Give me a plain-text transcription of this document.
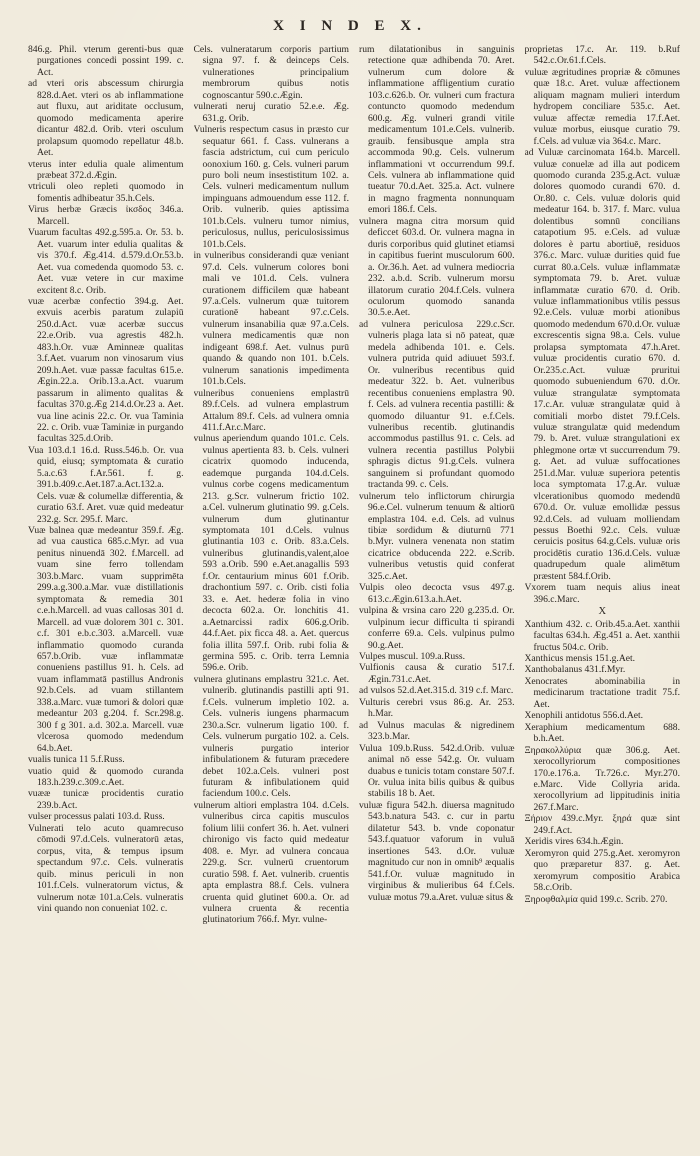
X I N D E X.
846.g. Phil. vterum gerenti-bus quæ purgationes concedi possint 199. c. Act.
ad vteri oris abscessum chirurgia 828.d.Aet. vteri os ab inflammatione aut fluxu, aut ariditate occlusum, quomodo medicamenta aperire dicantur 482.d. Orib. vteri osculum prolapsum quomodo repellatur 48.b. Aet.
vterus inter edulia quale alimentum præbeat 372.d.Ægin.
vtriculi oleo repleti quomodo in fomentis adhibeatur 35.h.Cels.
Virus herbæ Græcis ἰκσδος 346.a. Marcell.
Vuarum facultas 492.g.595.a. Or. 53. b. Aet. vuarum inter edulia qualitas & vis 370.f. Æg.414. d.579.d.Or.53.b. Aet. vua comedenda quomodo 53. c. Aet. vuæ vetere in cur maxime excitent 8.c. Orib.
vuæ acerbæ confectio 394.g. Aet. exvuis acerbis paratum zulapiū 250.d.Act. vuæ acerbæ succus 22.e.Orib. vua agrestis 482.h. 483.h.Or. vuæ Aminneæ qualitas 3.f.Aet. vuarum non vinosarum vius 209.h.Aet. vuæ passæ facultas 615.e. Ægin.22.a. Orib.13.a.Act. vuarum passarum in alimento qualitas & facultas 370.g.Æg 214.d.Or.23 a. Aet. vua line acinis 22.c. Or. vua Taminia 22. c. Orib. vuæ Taminiæ in purgando facultas 325.d.Orib.
Vua 103.d.1 16.d. Russ.546.b. Or. vua quid, eiusq; symptomata & curatio 5.a.c.63 f.Ar.561. f. g. 391.b.409.c.Aet.187.a.Act.132.a. Cels. vuæ & columellæ differentia, & curatio 63.f. Aret. vuæ quid medeatur 232.g. Scr. 295.f. Marc.
Vuæ balnea quæ medeantur 359.f. Æg. ad vua caustica 685.c.Myr. ad vua penitus ninuendā 302. f.Marcell. ad vuam sine ferro tollendam 303.b.Marc. vuam supprimēta 299.a.g.300.a.Mar. vuæ distillationis symptomata & remedia 301 c.e.h.Marcell. ad vuas callosas 301 d. Marcell. ad vuæ dolorem 301 c. 301. c.f. 301 e.b.c.303. a.Marcell. vuæ inflammatio quomodo curanda 657.b.Orib. vuæ inflammatæ conueniens pastillus 91. h. Cels. ad vuam inflammatā pastillus Andronis 92.b.Cels. ad vuam stillantem 338.a.Marc. vuæ tumori & dolori quæ medeantur 203 g.204. f. Scr.298.g. 300 f g 301. a.d. 302.a. Marcell. vuæ vlcerosa quomodo medendum 64.b.Aet.
vualis tunica 11 5.f.Russ.
vuatio quid & quomodo curanda 183.h.239.c.309.c.Aet.
vuææ tunicæ procidentis curatio 239.b.Act.
vulser processus palati 103.d. Russ.
Vulnerati telo acuto quamrecuso cōmodi 97.d.Cels. vulneratorū ætas, corpus, vita, & tempus ipsum spectandum 97.c. Cels. vulneratis quib. minus periculi in non 101.f.Cels. vulneratorum victus, & vulnerum notæ 101.a.Cels. vulneratis vini quando non conueniat 102. c.
Cels. vulneratarum corporis partium signa 97. f. & deinceps Cels. vulnerationes principalium membrorum quibus notis cognoscantur 590.c.Ægin.
vulnerati neruj curatio 52.e.e. Æg. 631.g. Orib.
Vulneris respectum casus in præsto cur sequatur 661. f. Cass. vulnerans a fascia adstrictum, cui cum periculo oonoxium 160. g. Cels. vulneri parum puro boli neum insestistitum 102. a. Cels. vulneri medicamentum nullum impinguans admouendum esse 112. f. Orib. vulnerib. quies aptissima 101.b.Cels. vulneru tumor nimius, periculosus, nullus, periculosissimus 101.b.Cels.
in vulneribus considerandi quæ veniant 97.d. Cels. vulnerum colores boni mali ve 101.d. Cels. vulnera curationem difficilem quæ habeant 97.a.Cels. vulnerum quæ tuitorem curationē habeant 97.c.Cels. vulnerum insanabilia quæ 97.a.Cels. vulnera medicamentis quæ non indigeant 698.f. Aet. vulnus purū quando & quando non 101. b.Cels. vulnerum sanationis impedimenta 101.b.Cels.
vulneribus conueniens emplastrū 89.f.Cels. ad vulnera emplastrum Attalum 89.f. Cels. ad vulnera omnia 411.f.Ar.c.Marc.
vulnus aperiendum quando 101.c. Cels. vulnus apertienta 83. b. Cels. vulneri cicatrix quomodo inducenda, eademque purganda 104.d.Cels. vulnus corbe cogens medicamentum 213. g.Scr. vulnerum frictio 102. a.Cel. vulnerum glutinatio 99. g.Cels. vulnerum dum glutinantur symptomata 101 d.Cels. vulnus glutinantia 103 c. Orib. 83.a.Cels. vulneribus glutinandis,valent,aloe 593 a.Orib. 590 e.Aet.anagallis 593 f.Or. centaurium minus 601 f.Orib. drachontium 597. c. Orib. cisti folia 33. e. Aet. hederæ folia in vino decocta 602.a. Or. lonchitis 41. a.Aetnarcissi radix 606.g.Orib. 44.f.Aet. pix ficca 48. a. Aet. quercus folia illita 597.f. Orib. rubi folia & germina 595. c. Orib. terra Lemnia 596.e. Orib.
vulnera glutinans emplastru 321.c. Aet. vulnerib. glutinandis pastilli apti 91. f.Cels. vulnerum impletio 102. a. Cels. vulneris iungens pharmacum 230.a.Scr. vulnerum ligatio 100. f. Cels. vulnerum purgatio 102. a. Cels. vulneris purgatio interior infibulationem & futuram præcedere debet 102.a.Cels. vulneri post futuram & infibulationem quid faciendum 100.c. Cels.
vulnerum altiori emplastra 104. d.Cels. vulneribus circa capitis musculos folium lilii confert 36. h. Aet. vulneri chironigo vis facto quid medeatur 408. e. Myr. ad vulnera concaua 229.g. Scr. vulnerū cruentorum curatio 598. f. Aet. vulnerib. cruentis apta emplastra 88.f. Cels. vulnera cruenta quid glutinet 600.a. Or. ad vulnera cruenta & recentia glutinatorium 766.f. Myr. vulne-
rum dilatationibus in sanguinis retectione quæ adhibenda 70. Aret. vulnerum cum dolore & inflammatione affligentium curatio 103.c.626.b. Or. vulneri cum fractura contuncto quomodo medendum 600.g. Æg. vulneri grandi vitile medicamentum 101.e.Cels. vulnerib. grauib. fensibusque ampla stra accommoda 90.g. Cels. vulnerum inflammationi vt occurrendum 99.f. Cels. vulnera ab inflammatione quid tueatur 70.d.Aet. 325.a. Act. vulnere in magno fragmenta nonnunquam emori 186.f. Cels.
vulnera magna citra morsum quid deficcet 603.d. Or. vulnera magna in duris corporibus quid glutinet etiamsi in capitibus fuerint musculorum 600. a. Or.36.h. Aet. ad vulnera mediocria 232. a.b.d. Scrib. vulnerum morsu illatorum curatio 204.f.Cels. vulnera oculorum quomodo sananda 30.5.e.Aet.
ad vulnera periculosa 229.c.Scr. vulneris plaga lata si nō pateat, quæ medela adhibenda 101. e. Cels. vulnera putrida quid adiuuet 593.f. Or. vulneribus recentibus quid medeatur 322. b. Aet. vulneribus recentibus conueniens emplastra 90. f. Cels. ad vulnera recentia pastilli: & quomodo diluantur 91. e.f.Cels. vulneribus recentib. glutinandis accommodus pastillus 91. c. Cels. ad vulnera recentia pastillus Polybii sphragis dictus 91.g.Cels. vulnera sanguinem si profundant quomodo tractanda 99. c. Cels.
vulnerum telo inflictorum chirurgia 96.e.Cel. vulnerum tenuum & altiorū emplastra 104. e.d. Cels. ad vulnus tibiæ sordidum & diuturnū 771 b.Myr. vulnera venenata non statim cicatrice obducenda 222. e.Scrib. vulneribus vetustis quid conferat 325.c.Aet.
Vulpis oleo decocta vsus 497.g. 613.c.Ægin.613.a.h.Aet.
vulpina & vrsina caro 220 g.235.d. Or. vulpinum iecur difficulta ti spirandi conferre 69.a. Cels. vulpinus pulmo 90.g.Aet.
Vulpes muscul. 109.a.Russ.
Vulfionis causa & curatio 517.f. Ægin.731.c.Aet.
ad vulsos 52.d.Aet.315.d. 319 c.f. Marc.
Vulturis cerebri vsus 86.g. Ar. 253. h.Mar.
ad Vulnus maculas & nigredinem 323.b.Mar.
Vulua 109.b.Russ. 542.d.Orib. vuluæ animal nō esse 542.g. Or. vuluam duabus e tunicis totam constare 507.f. Or. vulua inita bilis quibus & quibus stabilis 18 b. Aet.
vuluæ figura 542.h. diuersa magnitudo 543.b.natura 543. c. cur in partu dilatetur 543. b. vnde coponatur 543.f.quatuor vaforum in vuluā insertiones 543. d.Or. vuluæ magnitudo cur non in omnib⁹ æqualis 541.f.Or. vuluæ magnitudo in virginibus & mulieribus 64 f.Cels. vuluæ motus 79.a.Aret. vuluæ situs &
proprietas 17.c. Ar. 119. b.Ruf 542.c.Or.61.f.Cels.
vuluæ ægritudines propriæ & cōmunes quæ 18.c. Aret. vuluæ affectionem aliquam magnam mulieri interdum hydropem conciliare 535.c. Aet. vuluæ affectæ remedia 17.f.Aet. vuluæ morbus, eiusque curatio 79. f.Cels. ad vuluæ via 364.c. Marc.
ad Vuluæ carcinomata 164.b. Marcell. vuluæ conuelæ ad illa aut podicem quomodo curanda 235.g.Act. vuluæ dolores quomodo curandi 670. d. Or.80. c. Cels. vuluæ doloris quid medeatur 164. b. 317. f. Marc. vulua dolentibus somnū concilians catapotium 95. e.Cels. ad vuluæ dolores è partu abortiuē, residuos 376.c. Marc. vuluæ durities quid fue currat 80.a.Cels. vuluæ inflammatæ symptomata 79. b. Aret. vuluæ inflammatæ curatio 670. d. Orib. vuluæ inflammationibus vtilis pessus 92.e.Cels. vuluæ morbi ationibus quomodo medendum 670.d.Or. vuluæ excrescentis signa 98.a. Cels. vulue prolapsa symptomata 47.h.Aret. vuluæ procidentis curatio 670. d. Or.235.c.Act. vuluæ pruritui quomodo subueniendum 670. d.Or. vuluæ strangulatæ symptomata 17.c.Ar. vuluæ strangulatæ quid à comitiali morbo distet 79.f.Cels. vuluæ strangulatæ quid medendum 79. b. Aret. vuluæ strangulationi ex phlegmone ortæ vt succurrendum 79. g. Aet. ad vuluæ suffocationes 251.d.Mar. vuluæ superiora petentis loca symptomata 17.g.Ar. vuluæ vlcerationibus quomodo medendū 670.d. Or. vuluæ emollidæ pessus 92.d.Cels. ad vuluam molliendam pessus Boethi 92.c. Cels. vuluæ ceruicis positus 64.g.Cels. vuluæ oris procidētis curatio 136.d.Cels. vuluæ quadrupedum quale alimētum præstent 584.f.Orib.
Vxorem tuam nequis alius ineat 396.c.Marc.
X
Xanthium 432. c. Orib.45.a.Aet. xanthii facultas 634.h. Æg.451 a. Aet. xanthii fructus 504.c. Orib.
Xanthicus mensis 151.g.Aet.
Xanthobalanus 431.f.Myr.
Xenocrates abominabilia in medicinarum tractatione tradit 75.f. Aet.
Xenophili antidotus 556.d.Aet.
Xeraphium medicamentum 688. b.h.Aet.
Ξηρακολλύρια quæ 306.g. Aet. xerocollyriorum compositiones 170.e.176.a. Tr.726.c. Myr.270. e.Marc. Vide Collyria arida. xerocollyrium ad lippitudinis initia 267.f.Marc.
Ξήριον 439.c.Myr. ξηρά quæ sint 249.f.Act.
Xeridis vires 634.h.Ægin.
Xeromyron quid 275.g.Aet. xeromyron quo præparetur 837. g. Aet. xeromyrum compositio Arabica 58.c.Orib.
Ξηροφθαλμία quid 199.c. Scrib. 270.
